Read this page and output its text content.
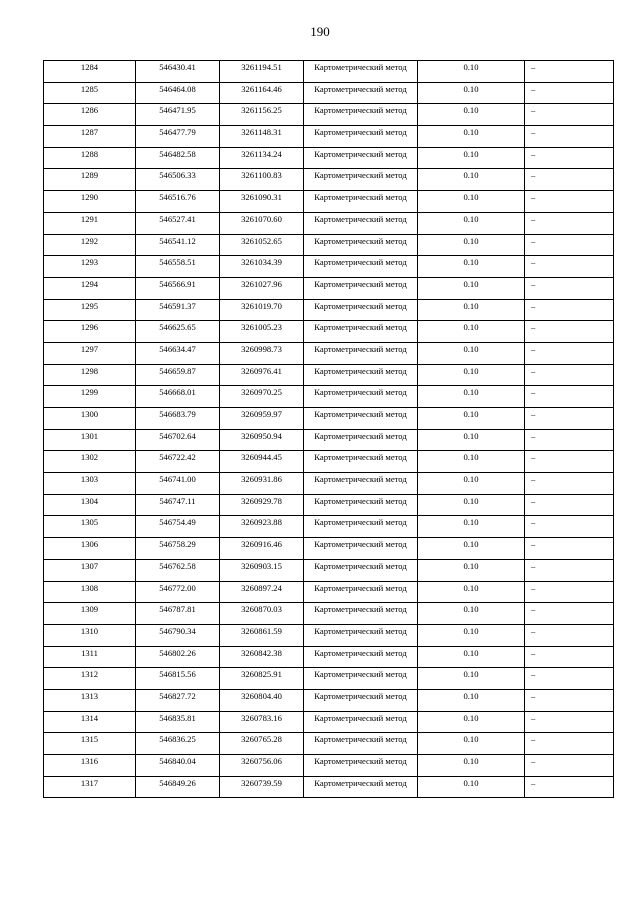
190
1284	546430.41	3261194.51	Картометрический метод	0.10	–

1285	546464.08	3261164.46	Картометрический метод	0.10	–

1286	546471.95	3261156.25	Картометрический метод	0.10	–

1287	546477.79	3261148.31	Картометрический метод	0.10	–

1288	546482.58	3261134.24	Картометрический метод	0.10	–

1289	546506.33	3261100.83	Картометрический метод	0.10	–

1290	546516.76	3261090.31	Картометрический метод	0.10	–

1291	546527.41	3261070.60	Картометрический метод	0.10	–

1292	546541.12	3261052.65	Картометрический метод	0.10	–

1293	546558.51	3261034.39	Картометрический метод	0.10	–

1294	546566.91	3261027.96	Картометрический метод	0.10	–

1295	546591.37	3261019.70	Картометрический метод	0.10	–

1296	546625.65	3261005.23	Картометрический метод	0.10	–

1297	546634.47	3260998.73	Картометрический метод	0.10	–

1298	546659.87	3260976.41	Картометрический метод	0.10	–

1299	546668.01	3260970.25	Картометрический метод	0.10	–

1300	546683.79	3260959.97	Картометрический метод	0.10	–

1301	546702.64	3260950.94	Картометрический метод	0.10	–

1302	546722.42	3260944.45	Картометрический метод	0.10	–

1303	546741.00	3260931.86	Картометрический метод	0.10	–

1304	546747.11	3260929.78	Картометрический метод	0.10	–

1305	546754.49	3260923.88	Картометрический метод	0.10	–

1306	546758.29	3260916.46	Картометрический метод	0.10	–

1307	546762.58	3260903.15	Картометрический метод	0.10	–

1308	546772.00	3260897.24	Картометрический метод	0.10	–

1309	546787.81	3260870.03	Картометрический метод	0.10	–

1310	546790.34	3260861.59	Картометрический метод	0.10	–

1311	546802.26	3260842.38	Картометрический метод	0.10	–

1312	546815.56	3260825.91	Картометрический метод	0.10	–

1313	546827.72	3260804.40	Картометрический метод	0.10	–

1314	546835.81	3260783.16	Картометрический метод	0.10	–

1315	546836.25	3260765.28	Картометрический метод	0.10	–

1316	546840.04	3260756.06	Картометрический метод	0.10	–

1317	546849.26	3260739.59	Картометрический метод	0.10	–
